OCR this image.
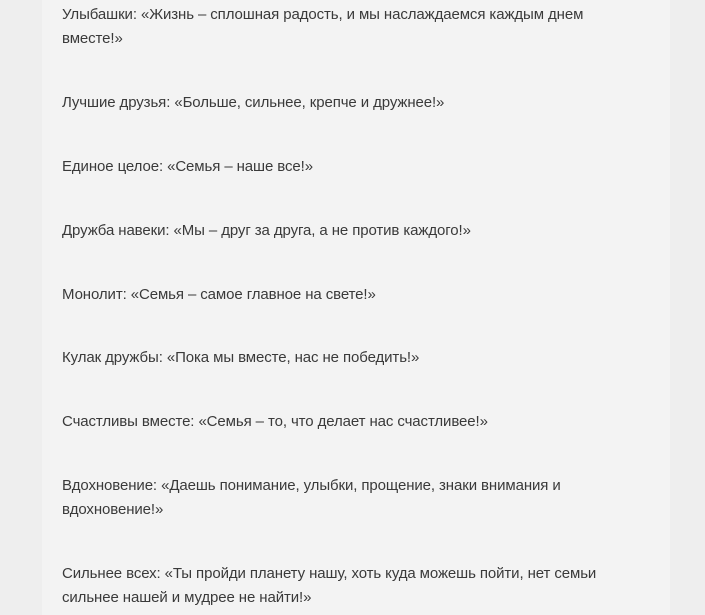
Улыбашки: «Жизнь – сплошная радость, и мы наслаждаемся каждым днем вместе!»

Лучшие друзья: «Больше, сильнее, крепче и дружнее!»

Единое целое: «Семья – наше все!»

Дружба навеки: «Мы – друг за друга, а не против каждого!»

Монолит: «Семья – самое главное на свете!»

Кулак дружбы: «Пока мы вместе, нас не победить!»

Счастливы вместе: «Семья – то, что делает нас счастливее!»

Вдохновение: «Даешь понимание, улыбки, прощение, знаки внимания и вдохновение!»

Сильнее всех: «Ты пройди планету нашу, хоть куда можешь пойти, нет семьи сильнее нашей и мудрее не найти!»
